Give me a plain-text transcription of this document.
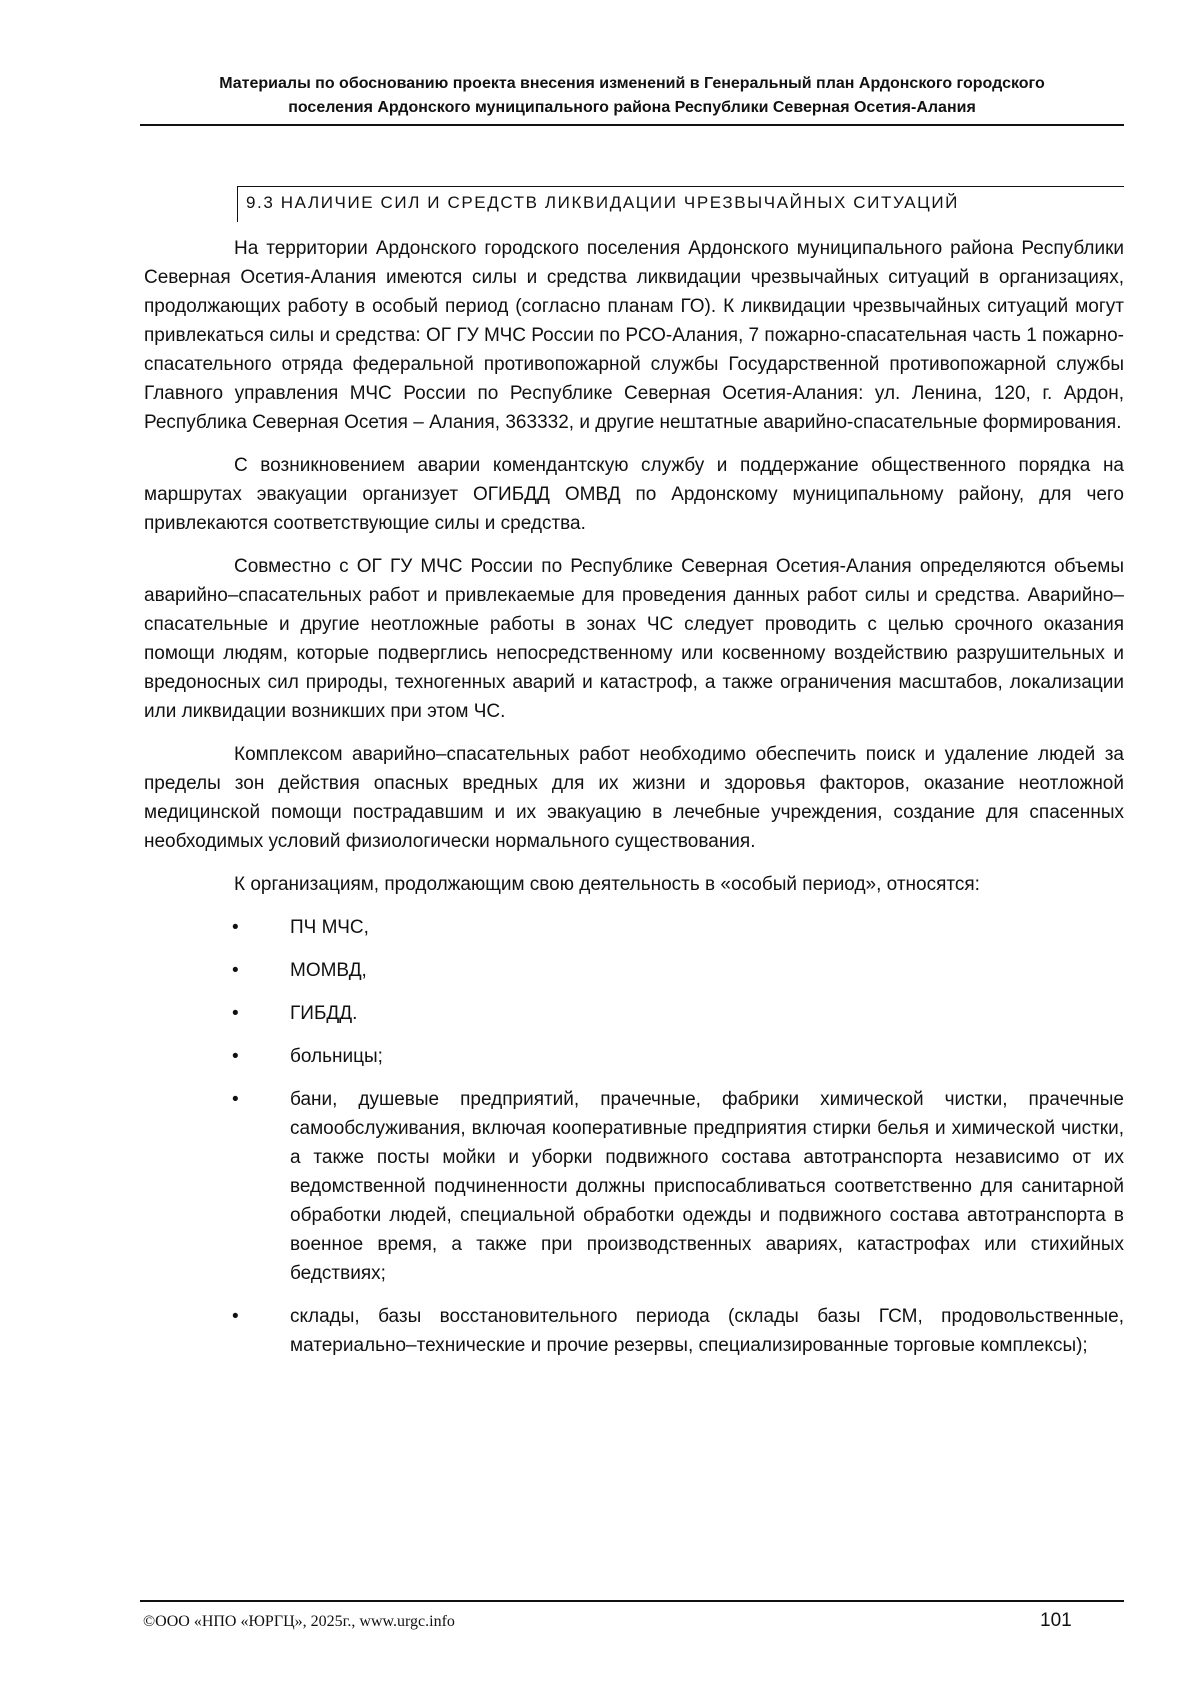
Материалы по обоснованию проекта внесения изменений в Генеральный план Ардонского городского
поселения Ардонского муниципального района Республики Северная Осетия-Алания
9.3 НАЛИЧИЕ СИЛ И СРЕДСТВ ЛИКВИДАЦИИ ЧРЕЗВЫЧАЙНЫХ СИТУАЦИЙ

На территории Ардонского городского поселения Ардонского муниципального района Республики Северная Осетия-Алания имеются силы и средства ликвидации чрезвычайных ситуаций в организациях, продолжающих работу в особый период (согласно планам ГО). К ликвидации чрезвычайных ситуаций могут привлекаться силы и средства: ОГ ГУ МЧС России по РСО-Алания, 7 пожарно-спасательная часть 1 пожарно-спасательного отряда федеральной противопожарной службы Государственной противопожарной службы Главного управления МЧС России по Республике Северная Осетия-Алания: ул. Ленина, 120, г. Ардон, Республика Северная Осетия – Алания, 363332, и другие нештатные аварийно-спасательные формирования.

С возникновением аварии комендантскую службу и поддержание общественного порядка на маршрутах эвакуации организует ОГИБДД ОМВД по Ардонскому муниципальному району, для чего привлекаются соответствующие силы и средства.

Совместно с ОГ ГУ МЧС России по Республике Северная Осетия-Алания определяются объемы аварийно–спасательных работ и привлекаемые для проведения данных работ силы и средства. Аварийно–спасательные и другие неотложные работы в зонах ЧС следует проводить с целью срочного оказания помощи людям, которые подверглись непосредственному или косвенному воздействию разрушительных и вредоносных сил природы, техногенных аварий и катастроф, а также ограничения масштабов, локализации или ликвидации возникших при этом ЧС.

Комплексом аварийно–спасательных работ необходимо обеспечить поиск и удаление людей за пределы зон действия опасных вредных для их жизни и здоровья факторов, оказание неотложной медицинской помощи пострадавшим и их эвакуацию в лечебные учреждения, создание для спасенных необходимых условий физиологически нормального существования.

К организациям, продолжающим свою деятельность в «особый период», относятся:

•	ПЧ МЧС,
•	МОМВД,
•	ГИБДД.
•	больницы;
•	бани, душевые предприятий, прачечные, фабрики химической чистки, прачечные самообслуживания, включая кооперативные предприятия стирки белья и химической чистки, а также посты мойки и уборки подвижного состава автотранспорта независимо от их ведомственной подчиненности должны приспосабливаться соответственно для санитарной обработки людей, специальной обработки одежды и подвижного состава автотранспорта в военное время, а также при производственных авариях, катастрофах или стихийных бедствиях;
•	склады, базы восстановительного периода (склады базы ГСМ, продовольственные, материально–технические и прочие резервы, специализированные торговые комплексы);
©ООО «НПО «ЮРГЦ», 2025г., www.urgc.info	101
